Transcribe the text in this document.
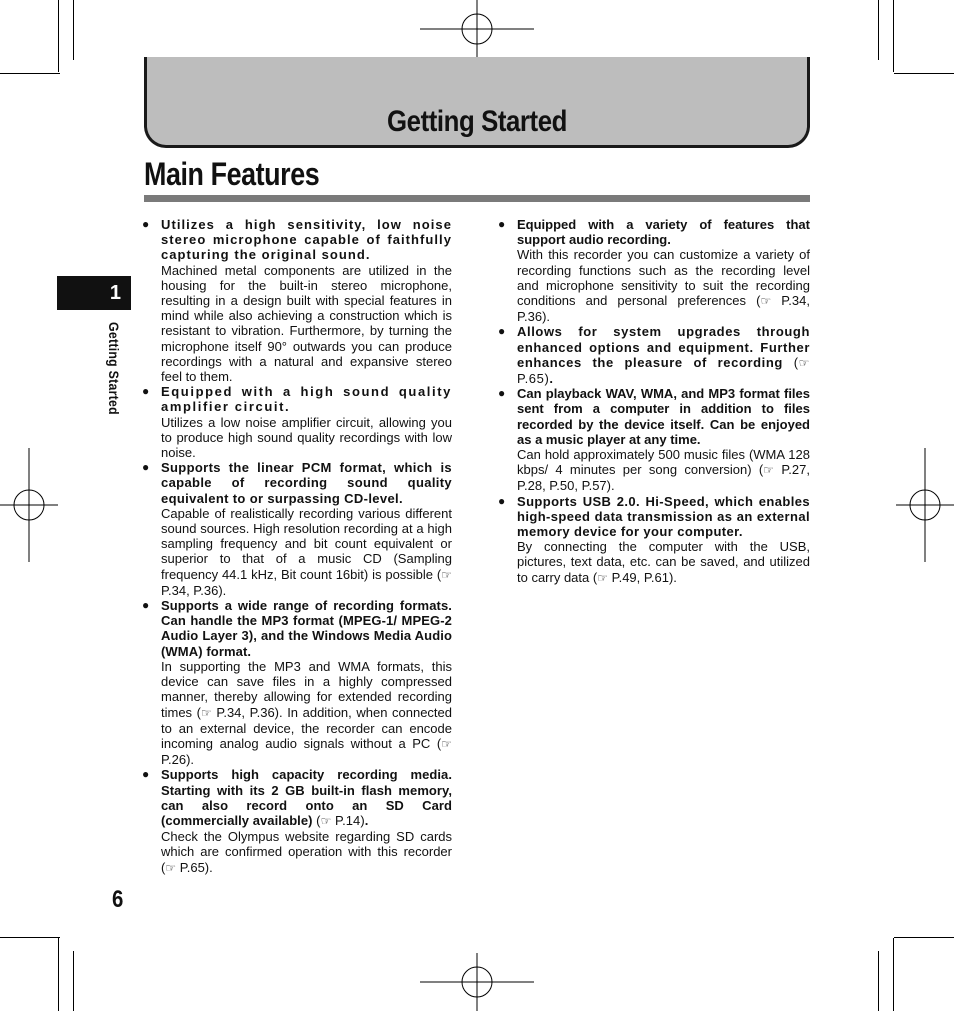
Getting Started
Main Features
1
Getting Started
● Utilizes a high sensitivity, low noise stereo microphone capable of faithfully capturing the original sound.

Machined metal components are utilized in the housing for the built-in stereo microphone, resulting in a design built with special features in mind while also achieving a construction which is resistant to vibration. Furthermore, by turning the microphone itself 90° outwards you can produce recordings with a natural and expansive stereo feel to them.

● Equipped with a high sound quality amplifier circuit.

Utilizes a low noise amplifier circuit, allowing you to produce high sound quality recordings with low noise.

● Supports the linear PCM format, which is capable of recording sound quality equivalent to or surpassing CD-level.

Capable of realistically recording various different sound sources. High resolution recording at a high sampling frequency and bit count equivalent or superior to that of a music CD (Sampling frequency 44.1 kHz, Bit count 16bit) is possible (☞ P.34, P.36).

● Supports a wide range of recording formats. Can handle the MP3 format (MPEG-1/ MPEG-2 Audio Layer 3), and the Windows Media Audio (WMA) format.

In supporting the MP3 and WMA formats, this device can save files in a highly compressed manner, thereby allowing for extended recording times (☞ P.34, P.36). In addition, when connected to an external device, the recorder can encode incoming analog audio signals without a PC (☞ P.26).

● Supports high capacity recording media. Starting with its 2 GB built-in flash memory, can also record onto an SD Card (commercially available) (☞ P.14).

Check the Olympus website regarding SD cards which are confirmed operation with this recorder (☞ P.65).

● Equipped with a variety of features that support audio recording.

With this recorder you can customize a variety of recording functions such as the recording level and microphone sensitivity to suit the recording conditions and personal preferences (☞ P.34, P.36).

● Allows for system upgrades through enhanced options and equipment. Further enhances the pleasure of recording (☞ P.65).

● Can playback WAV, WMA, and MP3 format files sent from a computer in addition to files recorded by the device itself. Can be enjoyed as a music player at any time.

Can hold approximately 500 music files (WMA 128 kbps/ 4 minutes per song conversion) (☞ P.27, P.28, P.50, P.57).

● Supports USB 2.0. Hi-Speed, which enables high-speed data transmission as an external memory device for your computer.

By connecting the computer with the USB, pictures, text data, etc. can be saved, and utilized to carry data (☞ P.49, P.61).

6
